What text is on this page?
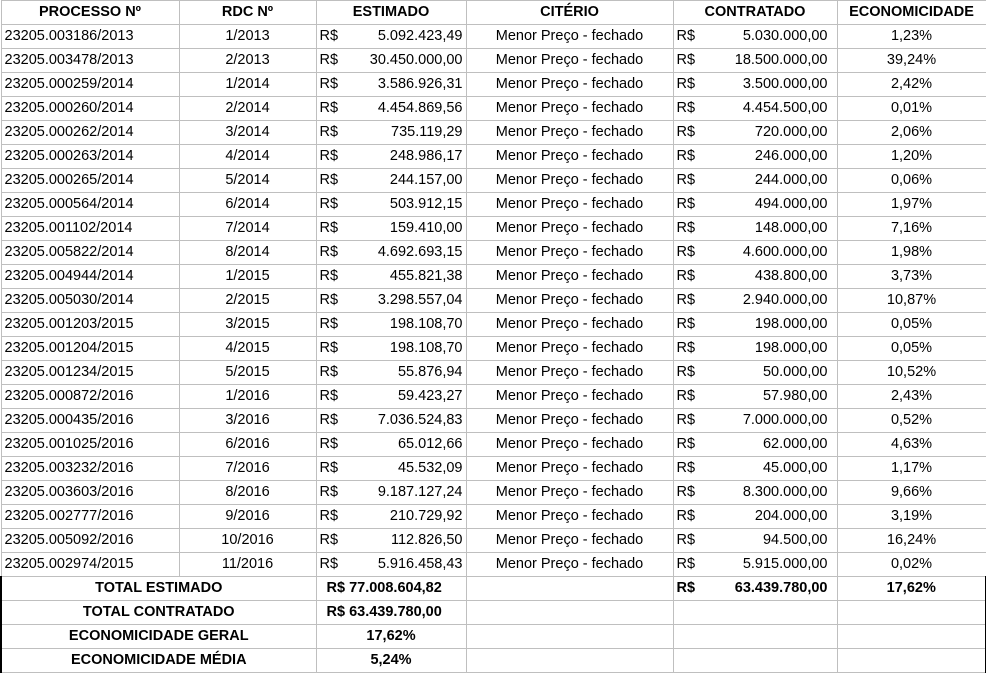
PROCESSO Nº	RDC Nº	ESTIMADO	CITÉRIO	CONTRATADO	ECONOMICIDADE
23205.003186/2013	1/2013	R$ 5.092.423,49	Menor Preço - fechado	R$ 5.030.000,00	1,23%
23205.003478/2013	2/2013	R$ 30.450.000,00	Menor Preço - fechado	R$ 18.500.000,00	39,24%
23205.000259/2014	1/2014	R$ 3.586.926,31	Menor Preço - fechado	R$ 3.500.000,00	2,42%
23205.000260/2014	2/2014	R$ 4.454.869,56	Menor Preço - fechado	R$ 4.454.500,00	0,01%
23205.000262/2014	3/2014	R$ 735.119,29	Menor Preço - fechado	R$ 720.000,00	2,06%
23205.000263/2014	4/2014	R$ 248.986,17	Menor Preço - fechado	R$ 246.000,00	1,20%
23205.000265/2014	5/2014	R$ 244.157,00	Menor Preço - fechado	R$ 244.000,00	0,06%
23205.000564/2014	6/2014	R$ 503.912,15	Menor Preço - fechado	R$ 494.000,00	1,97%
23205.001102/2014	7/2014	R$ 159.410,00	Menor Preço - fechado	R$ 148.000,00	7,16%
23205.005822/2014	8/2014	R$ 4.692.693,15	Menor Preço - fechado	R$ 4.600.000,00	1,98%
23205.004944/2014	1/2015	R$ 455.821,38	Menor Preço - fechado	R$ 438.800,00	3,73%
23205.005030/2014	2/2015	R$ 3.298.557,04	Menor Preço - fechado	R$ 2.940.000,00	10,87%
23205.001203/2015	3/2015	R$ 198.108,70	Menor Preço - fechado	R$ 198.000,00	0,05%
23205.001204/2015	4/2015	R$ 198.108,70	Menor Preço - fechado	R$ 198.000,00	0,05%
23205.001234/2015	5/2015	R$ 55.876,94	Menor Preço - fechado	R$ 50.000,00	10,52%
23205.000872/2016	1/2016	R$ 59.423,27	Menor Preço - fechado	R$ 57.980,00	2,43%
23205.000435/2016	3/2016	R$ 7.036.524,83	Menor Preço - fechado	R$ 7.000.000,00	0,52%
23205.001025/2016	6/2016	R$ 65.012,66	Menor Preço - fechado	R$ 62.000,00	4,63%
23205.003232/2016	7/2016	R$ 45.532,09	Menor Preço - fechado	R$ 45.000,00	1,17%
23205.003603/2016	8/2016	R$ 9.187.127,24	Menor Preço - fechado	R$ 8.300.000,00	9,66%
23205.002777/2016	9/2016	R$ 210.729,92	Menor Preço - fechado	R$ 204.000,00	3,19%
23205.005092/2016	10/2016	R$ 112.826,50	Menor Preço - fechado	R$ 94.500,00	16,24%
23205.002974/2015	11/2016	R$ 5.916.458,43	Menor Preço - fechado	R$ 5.915.000,00	0,02%
TOTAL ESTIMADO		R$ 77.008.604,82		R$ 63.439.780,00	17,62%
TOTAL CONTRATADO		R$ 63.439.780,00			
ECONOMICIDADE GERAL		17,62%			
ECONOMICIDADE MÉDIA		5,24%			
